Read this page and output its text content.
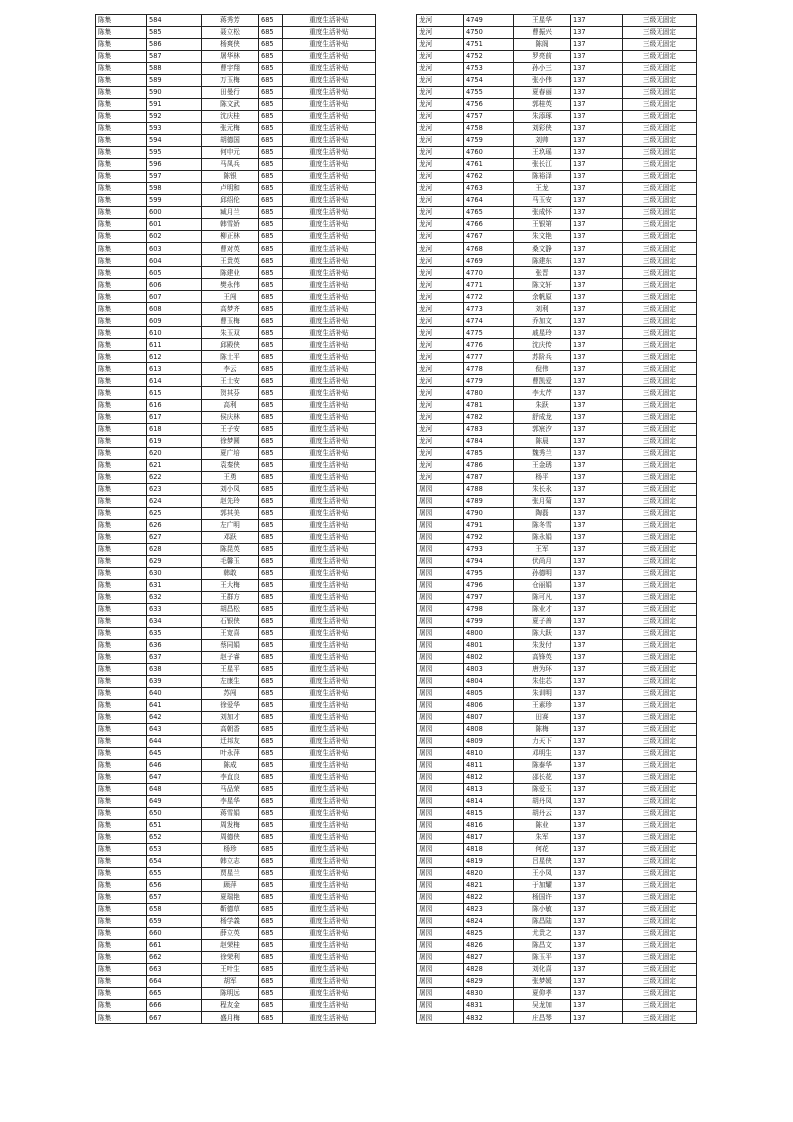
陈集	584	蒋秀芳	685	重度生活补贴
陈集	585	聂立松	685	重度生活补贴
陈集	586	杨爽侠	685	重度生活补贴
陈集	587	屠华林	685	重度生活补贴
陈集	588	曹宇翔	685	重度生活补贴
陈集	589	万玉梅	685	重度生活补贴
陈集	590	田曼行	685	重度生活补贴
陈集	591	陈文武	685	重度生活补贴
陈集	592	沈庆桂	685	重度生活补贴
陈集	593	张元梅	685	重度生活补贴
陈集	594	胡德国	685	重度生活补贴
陈集	595	何申元	685	重度生活补贴
陈集	596	马凤兵	685	重度生活补贴
陈集	597	陈银	685	重度生活补贴
陈集	598	卢明和	685	重度生活补贴
陈集	599	邱绍伦	685	重度生活补贴
陈集	600	臧月兰	685	重度生活补贴
陈集	601	韩雪娇	685	重度生活补贴
陈集	602	柳正林	685	重度生活补贴
陈集	603	曹对英	685	重度生活补贴
陈集	604	王贵英	685	重度生活补贴
陈集	605	陈建业	685	重度生活补贴
陈集	606	樊永伟	685	重度生活补贴
陈集	607	王闯	685	重度生活补贴
陈集	608	高梦齐	685	重度生活补贴
陈集	609	曹玉梅	685	重度生活补贴
陈集	610	朱玉双	685	重度生活补贴
陈集	611	邱殿侠	685	重度生活补贴
陈集	612	陈士平	685	重度生活补贴
陈集	613	李云	685	重度生活补贴
陈集	614	王士安	685	重度生活补贴
陈集	615	贺其芬	685	重度生活补贴
陈集	616	高利	685	重度生活补贴
陈集	617	侯庆林	685	重度生活补贴
陈集	618	王子安	685	重度生活补贴
陈集	619	徐梦圆	685	重度生活补贴
陈集	620	夏广培	685	重度生活补贴
陈集	621	袁秦侠	685	重度生活补贴
陈集	622	王勇	685	重度生活补贴
陈集	623	刘小凤	685	重度生活补贴
陈集	624	赵先玲	685	重度生活补贴
陈集	625	郭其美	685	重度生活补贴
陈集	626	左广明	685	重度生活补贴
陈集	627	邓跃	685	重度生活补贴
陈集	628	陈昆英	685	重度生活补贴
陈集	629	毛馨玉	685	重度生活补贴
陈集	630	韩敢	685	重度生活补贴
陈集	631	王大梅	685	重度生活补贴
陈集	632	王群方	685	重度生活补贴
陈集	633	胡昌松	685	重度生活补贴
陈集	634	石银侠	685	重度生活补贴
陈集	635	王宽喜	685	重度生活补贴
陈集	636	蔡同娟	685	重度生活补贴
陈集	637	赵子睿	685	重度生活补贴
陈集	638	王星平	685	重度生活补贴
陈集	639	左康生	685	重度生活补贴
陈集	640	苏闯	685	重度生活补贴
陈集	641	徐爱华	685	重度生活补贴
陈集	642	刘加才	685	重度生活补贴
陈集	643	高朝香	685	重度生活补贴
陈集	644	迁邦友	685	重度生活补贴
陈集	645	叶永萍	685	重度生活补贴
陈集	646	陈成	685	重度生活补贴
陈集	647	李直良	685	重度生活补贴
陈集	648	马品荣	685	重度生活补贴
陈集	649	李星华	685	重度生活补贴
陈集	650	蒋雪娟	685	重度生活补贴
陈集	651	周发梅	685	重度生活补贴
陈集	652	周德侠	685	重度生活补贴
陈集	653	杨珍	685	重度生活补贴
陈集	654	韩立志	685	重度生活补贴
陈集	655	贾星兰	685	重度生活补贴
陈集	656	顾萍	685	重度生活补贴
陈集	657	夏瑞艳	685	重度生活补贴
陈集	658	靳德草	685	重度生活补贴
陈集	659	杨学義	685	重度生活补贴
陈集	660	薛立英	685	重度生活补贴
陈集	661	赵荣桂	685	重度生活补贴
陈集	662	徐荣利	685	重度生活补贴
陈集	663	王叶生	685	重度生活补贴
陈集	664	胡军	685	重度生活补贴
陈集	665	陈明远	685	重度生活补贴
陈集	666	程友金	685	重度生活补贴
陈集	667	盛月梅	685	重度生活补贴
龙河	4749	王星华	137	三级无固定
龙河	4750	曹振兴	137	三级无固定
龙河	4751	陈阁	137	三级无固定
龙河	4752	罗亮前	137	三级无固定
龙河	4753	孙小三	137	三级无固定
龙河	4754	张小伟	137	三级无固定
龙河	4755	夏春丽	137	三级无固定
龙河	4756	郭桂英	137	三级无固定
龙河	4757	朱添琢	137	三级无固定
龙河	4758	刘彩侠	137	三级无固定
龙河	4759	刘帅	137	三级无固定
龙河	4760	王玖瑶	137	三级无固定
龙河	4761	张长江	137	三级无固定
龙河	4762	陈裕泽	137	三级无固定
龙河	4763	王龙	137	三级无固定
龙河	4764	马玉安	137	三级无固定
龙河	4765	张成怀	137	三级无固定
龙河	4766	王银第	137	三级无固定
龙河	4767	朱文艳	137	三级无固定
龙河	4768	桑文静	137	三级无固定
龙河	4769	陈建东	137	三级无固定
龙河	4770	张晋	137	三级无固定
龙河	4771	陈文轩	137	三级无固定
龙河	4772	余帆原	137	三级无固定
龙河	4773	刘利	137	三级无固定
龙河	4774	乔加文	137	三级无固定
龙河	4775	戚星玲	137	三级无固定
龙河	4776	沈庆传	137	三级无固定
龙河	4777	苏阶兵	137	三级无固定
龙河	4778	倪伟	137	三级无固定
龙河	4779	曹凯爱	137	三级无固定
龙河	4780	李太芹	137	三级无固定
龙河	4781	朱跃	137	三级无固定
龙河	4782	舒成龙	137	三级无固定
龙河	4783	郭宸汐	137	三级无固定
龙河	4784	陈晨	137	三级无固定
龙河	4785	魏秀兰	137	三级无固定
龙河	4786	王金琇	137	三级无固定
龙河	4787	杨平	137	三级无固定
屠园	4788	朱长永	137	三级无固定
屠园	4789	张月菊	137	三级无固定
屠园	4790	陶磊	137	三级无固定
屠园	4791	陈冬雪	137	三级无固定
屠园	4792	陈永娟	137	三级无固定
屠园	4793	王军	137	三级无固定
屠园	4794	伏尚月	137	三级无固定
屠园	4795	孙德明	137	三级无固定
屠园	4796	仓丽娟	137	三级无固定
屠园	4797	陈可凡	137	三级无固定
屠园	4798	陈业才	137	三级无固定
屠园	4799	夏子善	137	三级无固定
屠园	4800	陈大跃	137	三级无固定
屠园	4801	朱发付	137	三级无固定
屠园	4802	高锋英	137	三级无固定
屠园	4803	唐为环	137	三级无固定
屠园	4804	朱佳芯	137	三级无固定
屠园	4805	朱训明	137	三级无固定
屠园	4806	王素珍	137	三级无固定
屠园	4807	田赛	137	三级无固定
屠园	4808	陈梅	137	三级无固定
屠园	4809	力天下	137	三级无固定
屠园	4810	邓明生	137	三级无固定
屠园	4811	陈泰华	137	三级无固定
屠园	4812	邵长花	137	三级无固定
屠园	4813	陈爱玉	137	三级无固定
屠园	4814	胡丹凤	137	三级无固定
屠园	4815	胡丹云	137	三级无固定
屠园	4816	陈业	137	三级无固定
屠园	4817	朱军	137	三级无固定
屠园	4818	何花	137	三级无固定
屠园	4819	吕星侠	137	三级无固定
屠园	4820	王小凤	137	三级无固定
屠园	4821	于加耀	137	三级无固定
屠园	4822	杨国许	137	三级无固定
屠园	4823	陈小敏	137	三级无固定
屠园	4824	陈昌陆	137	三级无固定
屠园	4825	尤贵之	137	三级无固定
屠园	4826	陈昌文	137	三级无固定
屠园	4827	陈玉平	137	三级无固定
屠园	4828	刘化喜	137	三级无固定
屠园	4829	张梦媛	137	三级无固定
屠园	4830	夏仰孝	137	三级无固定
屠园	4831	吴龙加	137	三级无固定
屠园	4832	庄昌琴	137	三级无固定
